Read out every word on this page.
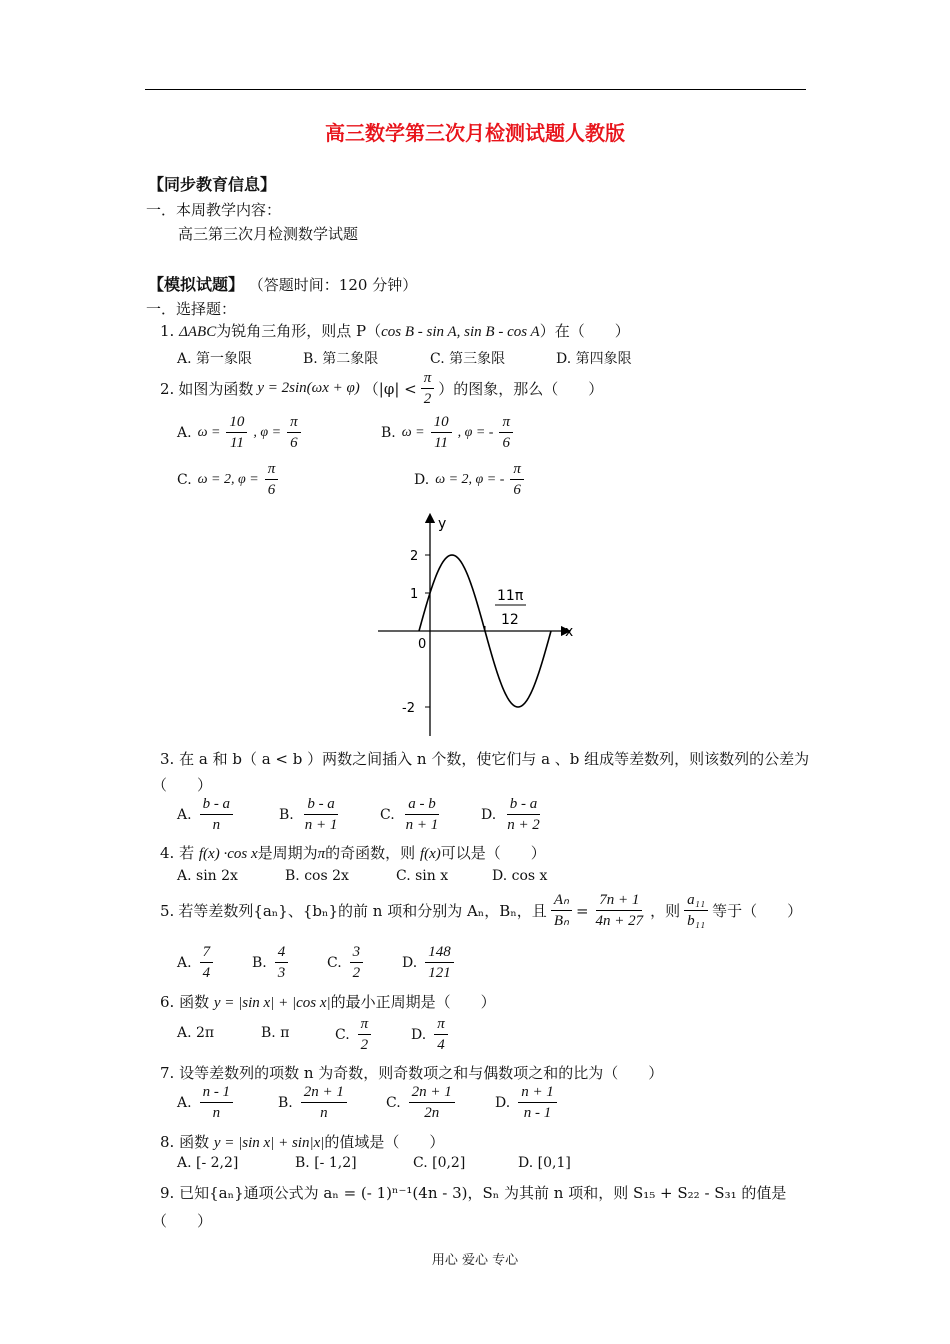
高三数学第三次月检测试题人教版
【同步教育信息】
一．本周教学内容：
高三第三次月检测数学试题
【模拟试题】 （答题时间：120 分钟）
一．选择题：
1. ΔABC为锐角三角形，则点 P（cos B - sin A, sin B - cos A）在（　　）
A. 第一象限	B. 第二象限	C. 第三象限	D. 第四象限
2. 如图为函数 y = 2sin(ωx + φ) （$|\varphi| < \frac{\pi}{2}$ ）的图象，那么（　　）
A. $\omega = \frac{10}{11}$ , $\varphi = \frac{\pi}{6}$	B. $\omega = \frac{10}{11}$ , φ = - $\frac{\pi}{6}$
C. ω = 2, $\varphi = \frac{\pi}{6}$	D. ω = 2, φ = - $\frac{\pi}{6}$
y
x
2
1
0
-2
11π
12
3. 在 a 和 b（ a < b ）两数之间插入 n 个数，使它们与 a 、b 组成等差数列，则该数列的公差为
（　　）
A. $\frac{b - a}{n}$	B. $\frac{b - a}{n + 1}$	C. $\frac{a - b}{n + 1}$	D. $\frac{b - a}{n + 2}$
4. 若 f(x) ·cos x是周期为π的奇函数，则 f(x)可以是（　　）
A. sin 2x	B. cos 2x	C. sin x	D. cos x
5. 若等差数列{aₙ}、{bₙ}的前 n 项和分别为 Aₙ，Bₙ，且 $\frac{\text{Aₙ}}{\text{Bₙ}} = \frac{7n + 1}{4n + 27}$ ，则 $\frac{\text{a₁₁}}{\text{b₁₁}}$ 等于（　　）
A. $\frac{7}{4}$	B. $\frac{4}{3}$	C. $\frac{3}{2}$	D. $\frac{148}{121}$
6. 函数 y = |sin x| + |cos x|的最小正周期是（　　）
A. 2π	B. π	C. $\frac{\pi}{2}$	D. $\frac{\pi}{4}$
7. 设等差数列的项数 n 为奇数，则奇数项之和与偶数项之和的比为（　　）
A. $\frac{n - 1}{n}$	B. $\frac{2n + 1}{n}$	C. $\frac{2n + 1}{2n}$	D. $\frac{n + 1}{n - 1}$
8. 函数 y = |sin x| + sin|x|的值域是（　　）
A. [- 2,2]	B. [- 1,2]	C. [0,2]	D. [0,1]
9. 已知{aₙ}通项公式为 aₙ = (- 1)ⁿ⁻¹(4n - 3)，Sₙ 为其前 n 项和，则 S₁₅ + S₂₂ - S₃₁ 的值是
（　　）
用心 爱心 专心
